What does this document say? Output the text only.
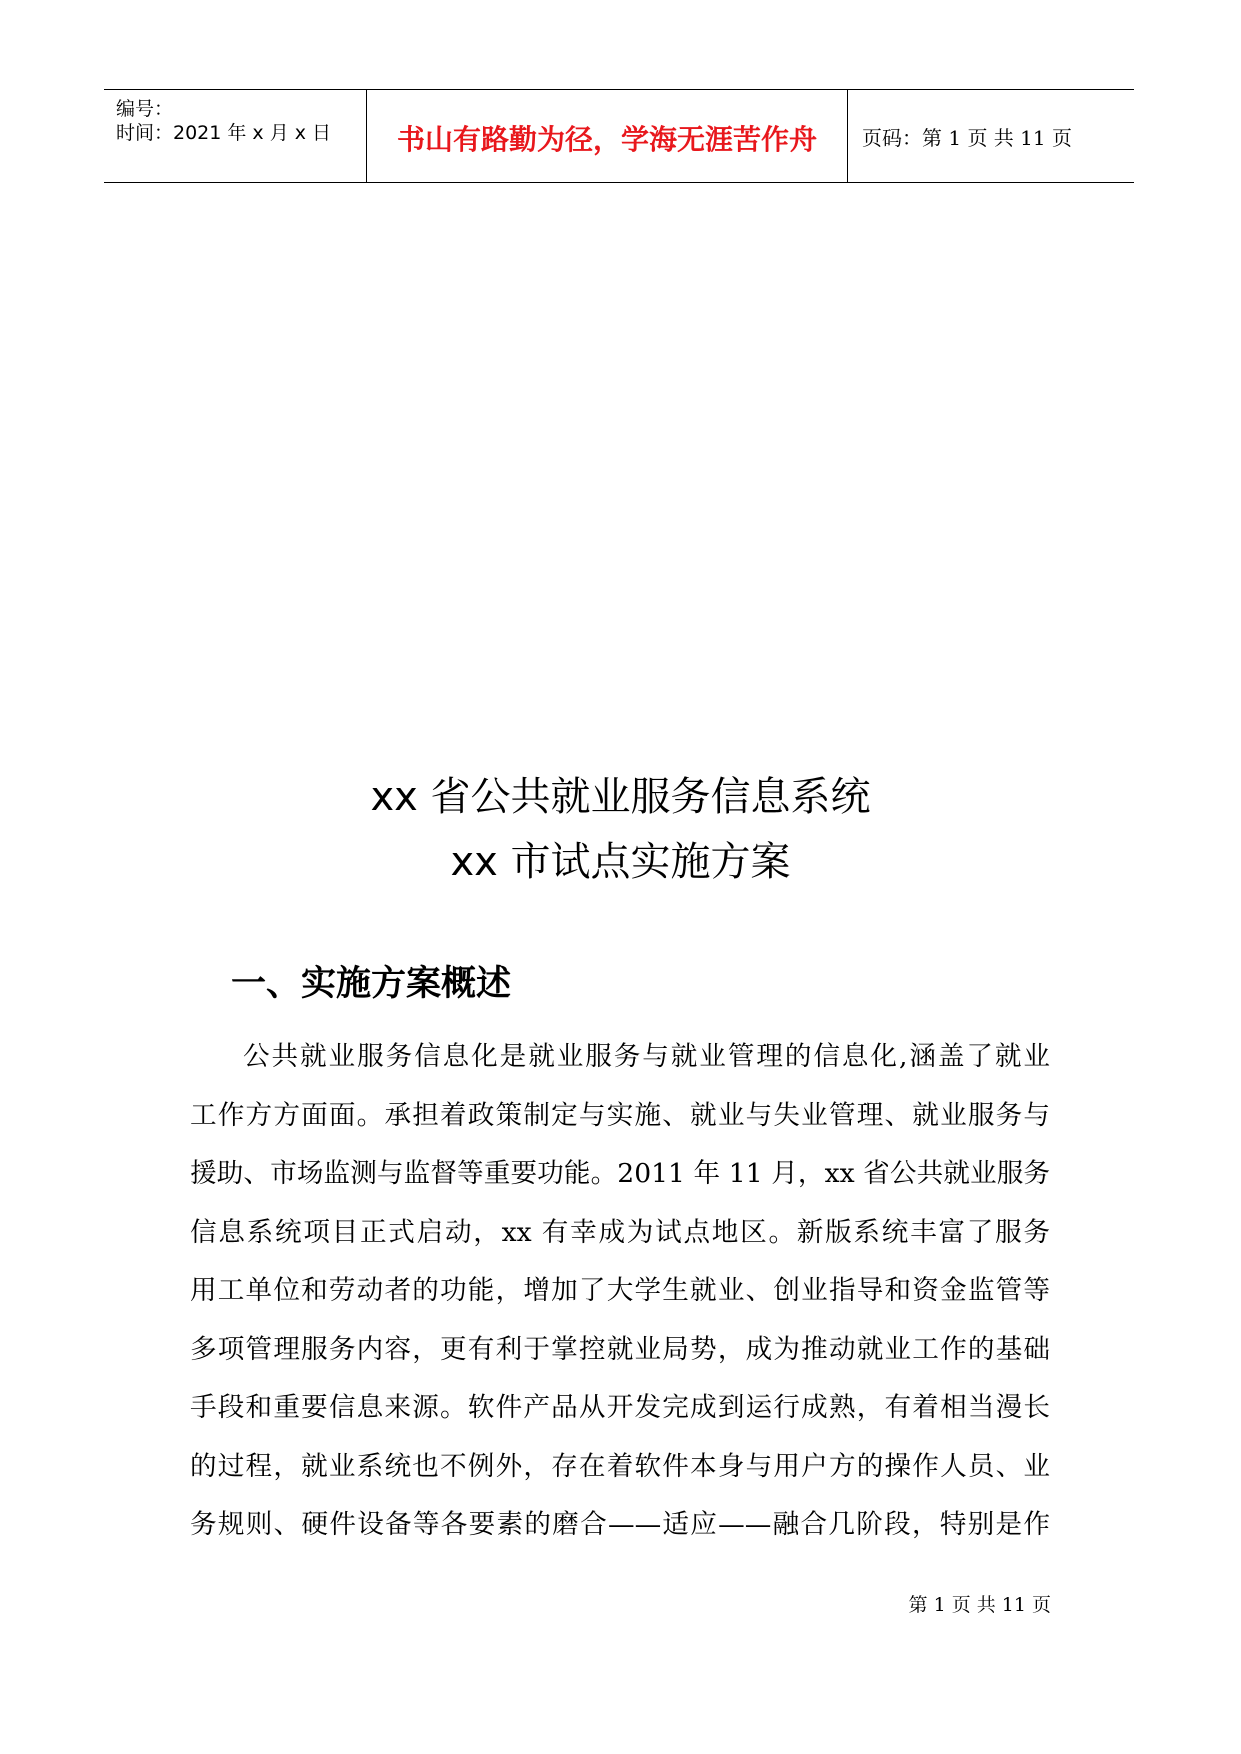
编号：
时间：2021 年 x 月 x 日	书山有路勤为径，学海无涯苦作舟	页码：第 1 页 共 11 页
xx 省公共就业服务信息系统
xx 市试点实施方案
一、实施方案概述
公共就业服务信息化是就业服务与就业管理的信息化,涵盖了就业
工作方方面面。承担着政策制定与实施、就业与失业管理、就业服务与
援助、市场监测与监督等重要功能。2011 年 11 月，xx 省公共就业服务
信息系统项目正式启动，xx 有幸成为试点地区。新版系统丰富了服务
用工单位和劳动者的功能，增加了大学生就业、创业指导和资金监管等
多项管理服务内容，更有利于掌控就业局势，成为推动就业工作的基础
手段和重要信息来源。软件产品从开发完成到运行成熟，有着相当漫长
的过程，就业系统也不例外，存在着软件本身与用户方的操作人员、业
务规则、硬件设备等各要素的磨合——适应——融合几阶段，特别是作
第 1 页 共 11 页
